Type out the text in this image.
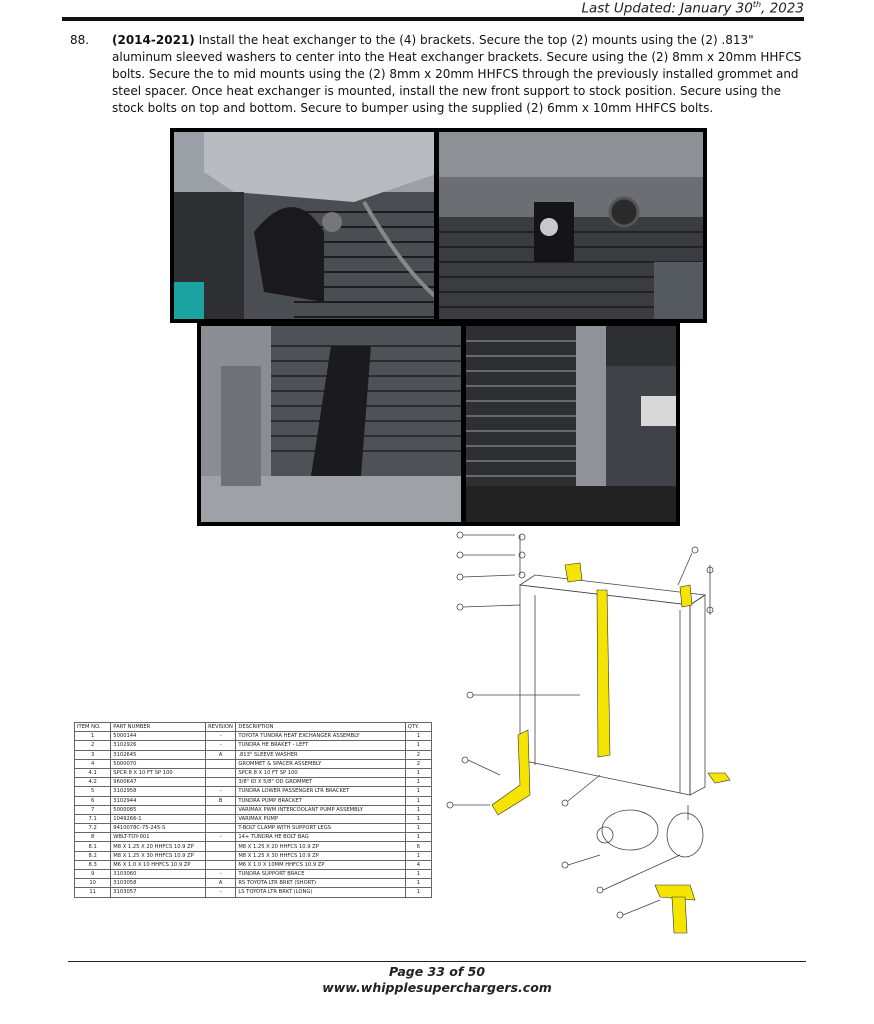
Last Updated: January 30th, 2023
88.	(2014-2021) Install the heat exchanger to the (4) brackets. Secure the top (2) mounts using the (2) .813" aluminum sleeved washers to center into the Heat exchanger brackets. Secure using the (2) 8mm x 20mm HHFCS bolts. Secure the to mid mounts using the (2) 8mm x 20mm HHFCS through the previously installed grommet and steel spacer. Once heat exchanger is mounted, install the new front support to stock position. Secure using the stock bolts on top and bottom. Secure to bumper using the supplied (2) 6mm x 10mm HHFCS bolts.
ITEM NO.	PART NUMBER	REVISION	DESCRIPTION	QTY.
1	5000144	-	TOYOTA TUNDRA HEAT EXCHANGER ASSEMBLY	1
2	3102926	-	TUNDRA HE BRAKET - LEFT	1
3	3102645	A	.813" SLEEVE WASHER	2
4	5000070		GROMMET & SPACER ASSEMBLY	2
4.1	SPCR 8 X 10 FT SP 100		SPCR 8 X 10 FT SP 100	1
4.2	9600K47		3/8" ID X 5/8" OD GROMMET	1
5	3102958	-	TUNDRA LOWER PASSENGER LTR BRACKET	1
6	3102944	B	TUNDRA PUMP BRACKET	1
7	5000085		VARIMAX PWM INTERCOOLANT PUMP ASSEMBLY	1
7.1	1049266-1		VARIMAX PUMP	1
7.2	9410078C-75-245-S		T-BOLT CLAMP WITH SUPPORT LEGS	1
8	WBLT-TOY-001	-	14+ TUNDRA HE BOLT BAG	1
8.1	M8 X 1.25 X 20 HHFCS 10.9 ZP		M8 X 1.25 X 20 HHFCS 10.9 ZP	6
8.2	M8 X 1.25 X 30 HHFCS 10.9 ZP		M8 X 1.25 X 30 HHFCS 10.9 ZP	1
8.3	M6 X 1.0 X 10 HHFCS 10.9 ZP		M6 X 1.0 X 10MM HHFCS 10.9 ZP	4
9	3103060	-	TUNDRA SUPPORT BRACE	1
10	3103058	A	RS TOYOTA LTR BRKT (SHORT)	1
11	3103057	-	LS TOYOTA LTR BRKT (LONG)	1
Page 33 of 50
www.whipplesuperchargers.com
